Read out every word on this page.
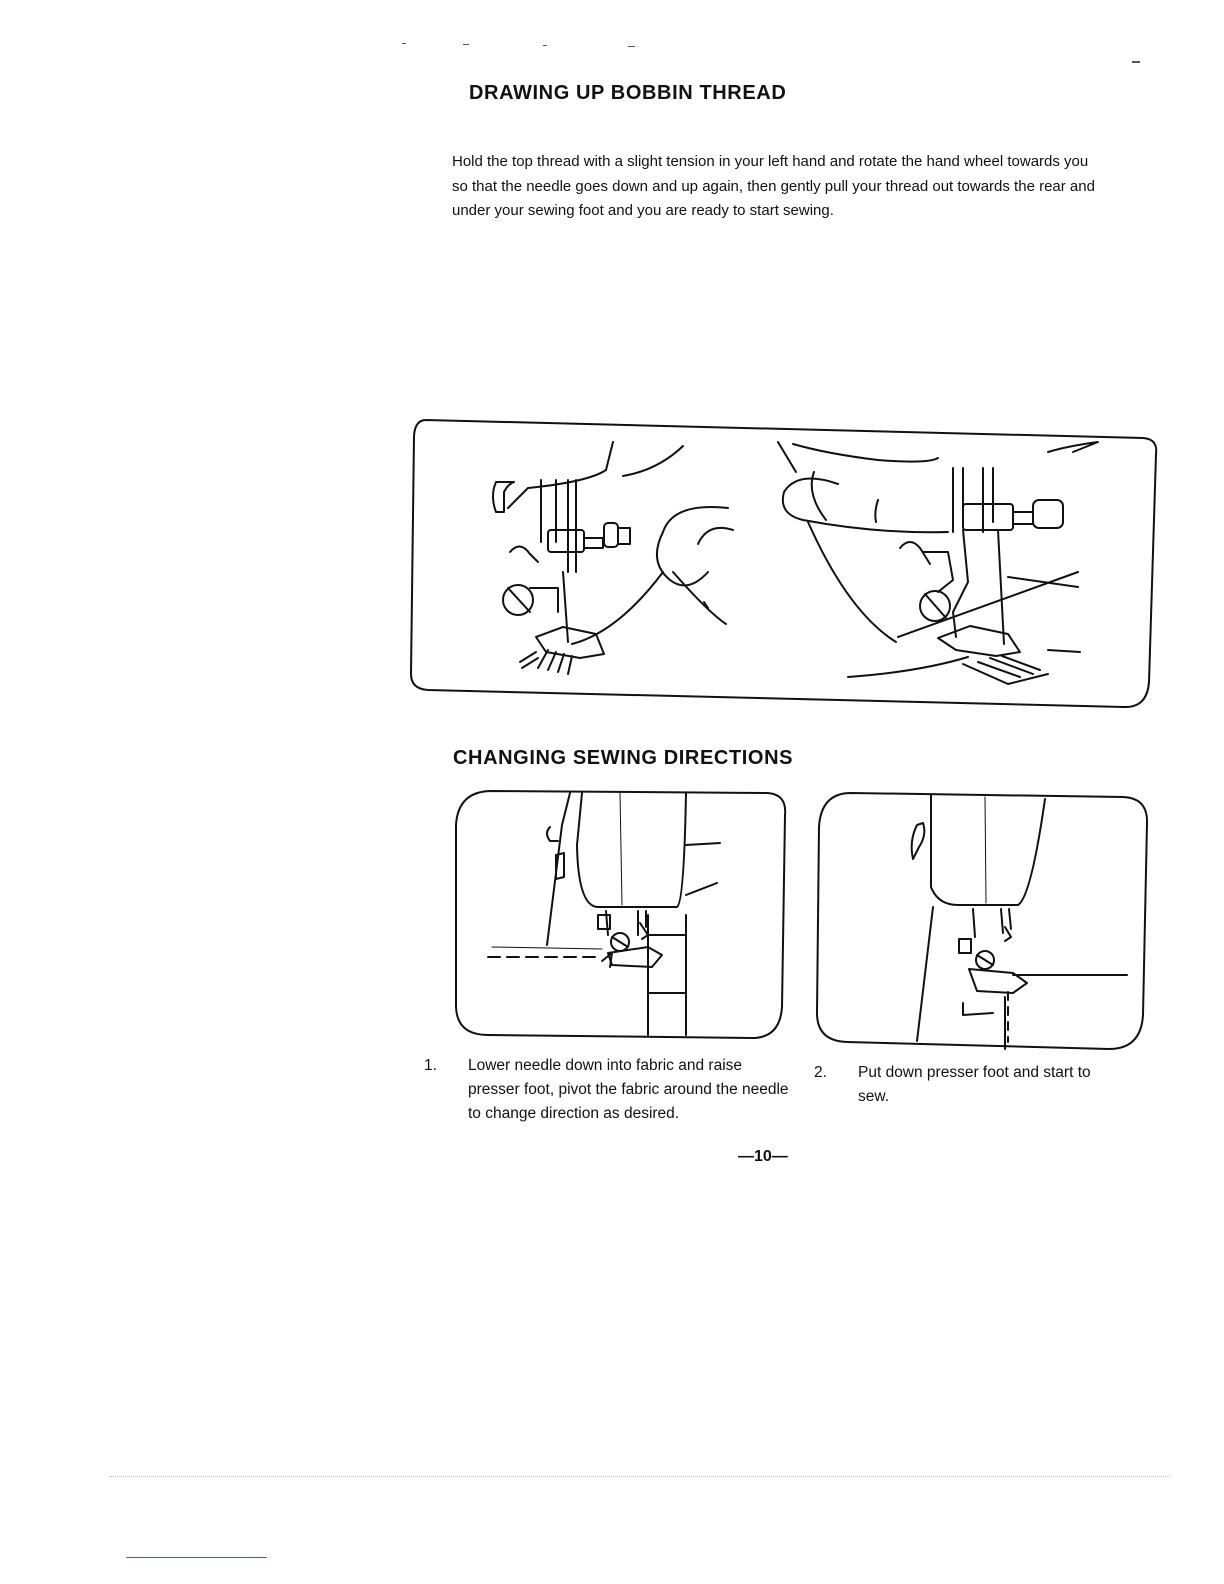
DRAWING UP BOBBIN THREAD

Hold the top thread with a slight tension in your left hand and rotate the hand wheel towards you so that the needle goes down and up again, then gently pull your thread out towards the rear and under your sewing foot and you are ready to start sewing.

CHANGING SEWING DIRECTIONS
1. Lower needle down into fabric and raise presser foot, pivot the fabric around the needle to change direction as desired.
2. Put down presser foot and start to sew.
—10—
